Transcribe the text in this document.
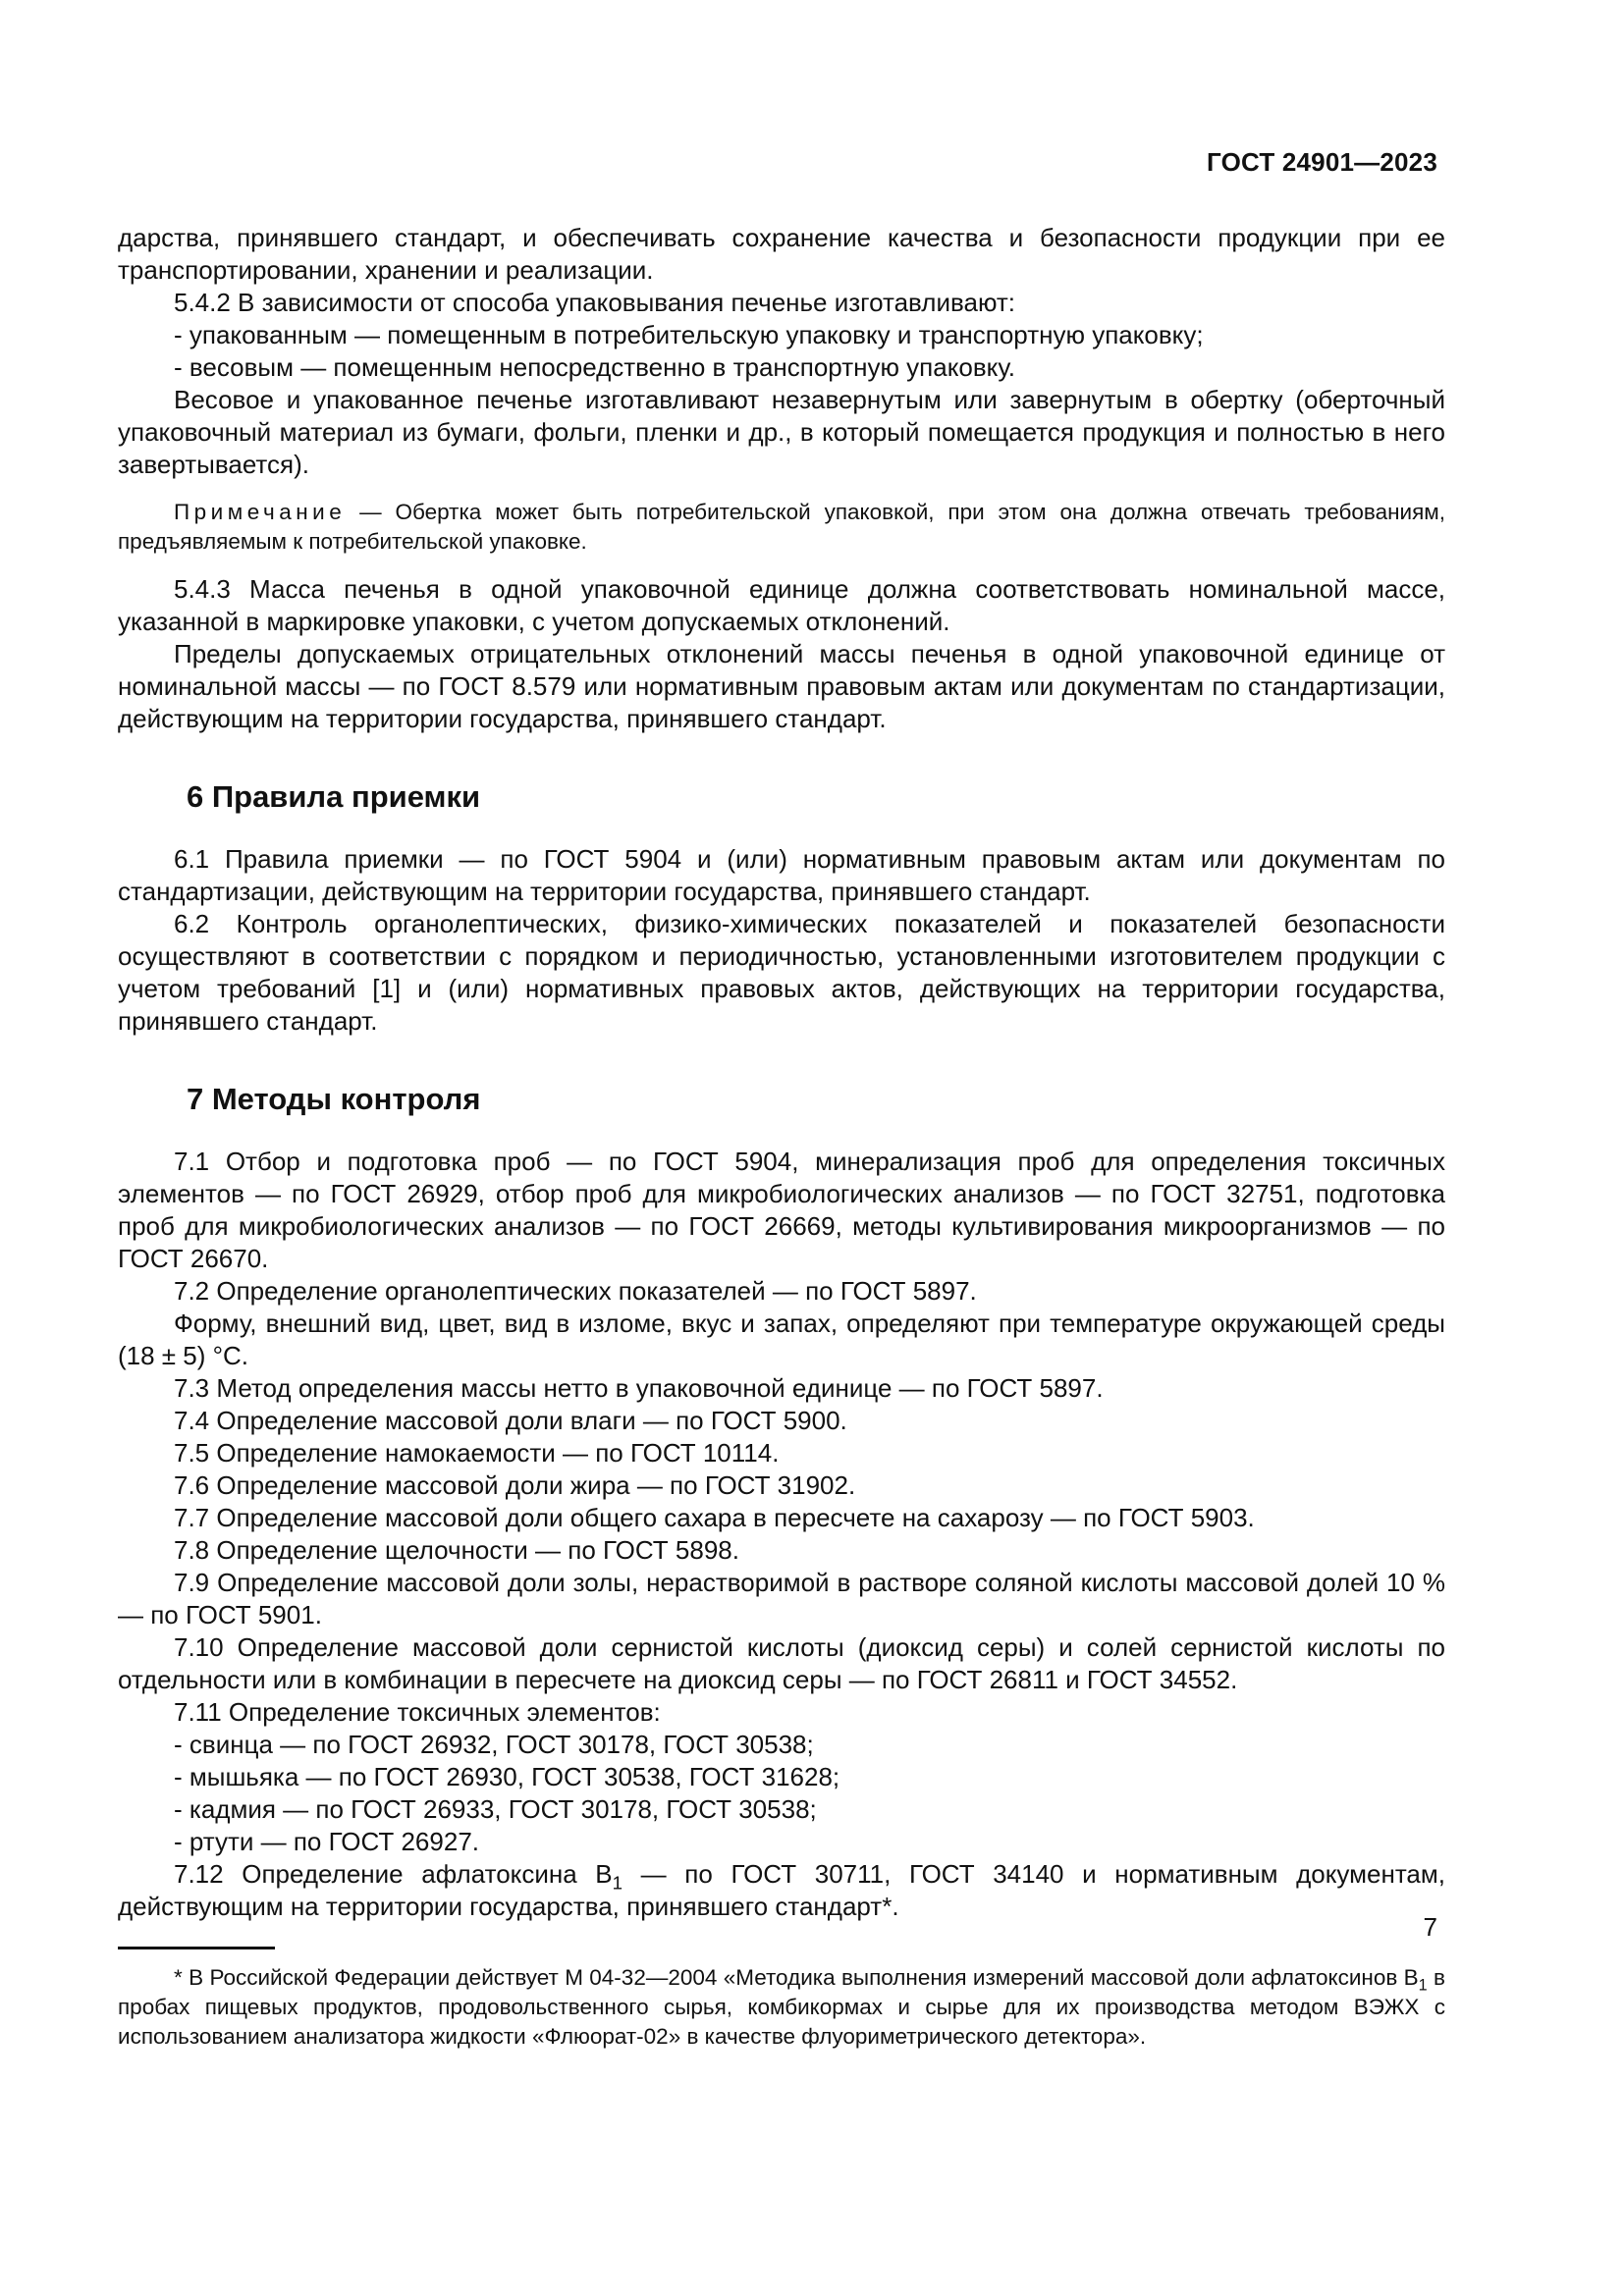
ГОСТ 24901—2023

дарства, принявшего стандарт, и обеспечивать сохранение качества и безопасности продукции при ее транспортировании, хранении и реализации.

5.4.2 В зависимости от способа упаковывания печенье изготавливают:

- упакованным — помещенным в потребительскую упаковку и транспортную упаковку;

- весовым — помещенным непосредственно в транспортную упаковку.

Весовое и упакованное печенье изготавливают незавернутым или завернутым в обертку (оберточный упаковочный материал из бумаги, фольги, пленки и др., в который помещается продукция и полностью в него завертывается).

Примечание — Обертка может быть потребительской упаковкой, при этом она должна отвечать требованиям, предъявляемым к потребительской упаковке.

5.4.3 Масса печенья в одной упаковочной единице должна соответствовать номинальной массе, указанной в маркировке упаковки, с учетом допускаемых отклонений.

Пределы допускаемых отрицательных отклонений массы печенья в одной упаковочной единице от номинальной массы — по ГОСТ 8.579 или нормативным правовым актам или документам по стандартизации, действующим на территории государства, принявшего стандарт.

6 Правила приемки

6.1 Правила приемки — по ГОСТ 5904 и (или) нормативным правовым актам или документам по стандартизации, действующим на территории государства, принявшего стандарт.

6.2 Контроль органолептических, физико-химических показателей и показателей безопасности осуществляют в соответствии с порядком и периодичностью, установленными изготовителем продукции с учетом требований [1] и (или) нормативных правовых актов, действующих на территории государства, принявшего стандарт.

7 Методы контроля

7.1 Отбор и подготовка проб — по ГОСТ 5904, минерализация проб для определения токсичных элементов — по ГОСТ 26929, отбор проб для микробиологических анализов — по ГОСТ 32751, подготовка проб для микробиологических анализов — по ГОСТ 26669, методы культивирования микроорганизмов — по ГОСТ 26670.

7.2 Определение органолептических показателей — по ГОСТ 5897.

Форму, внешний вид, цвет, вид в изломе, вкус и запах, определяют при температуре окружающей среды (18 ± 5) °С.

7.3 Метод определения массы нетто в упаковочной единице — по ГОСТ 5897.

7.4 Определение массовой доли влаги — по ГОСТ 5900.

7.5 Определение намокаемости — по ГОСТ 10114.

7.6 Определение массовой доли жира — по ГОСТ 31902.

7.7 Определение массовой доли общего сахара в пересчете на сахарозу — по ГОСТ 5903.

7.8 Определение щелочности — по ГОСТ 5898.

7.9 Определение массовой доли золы, нерастворимой в растворе соляной кислоты массовой долей 10 % — по ГОСТ 5901.

7.10 Определение массовой доли сернистой кислоты (диоксид серы) и солей сернистой кислоты по отдельности или в комбинации в пересчете на диоксид серы — по ГОСТ 26811 и ГОСТ 34552.

7.11 Определение токсичных элементов:

- свинца — по ГОСТ 26932, ГОСТ 30178, ГОСТ 30538;

- мышьяка — по ГОСТ 26930, ГОСТ 30538, ГОСТ 31628;

- кадмия — по ГОСТ 26933, ГОСТ 30178, ГОСТ 30538;

- ртути — по ГОСТ 26927.

7.12 Определение афлатоксина $В_1$ — по ГОСТ 30711, ГОСТ 34140 и нормативным документам, действующим на территории государства, принявшего стандарт*.

* В Российской Федерации действует М 04-32—2004 «Методика выполнения измерений массовой доли афлатоксинов $В_1$ в пробах пищевых продуктов, продовольственного сырья, комбикормах и сырье для их производства методом ВЭЖХ с использованием анализатора жидкости «Флюорат-02» в качестве флуориметрического детектора».

7
